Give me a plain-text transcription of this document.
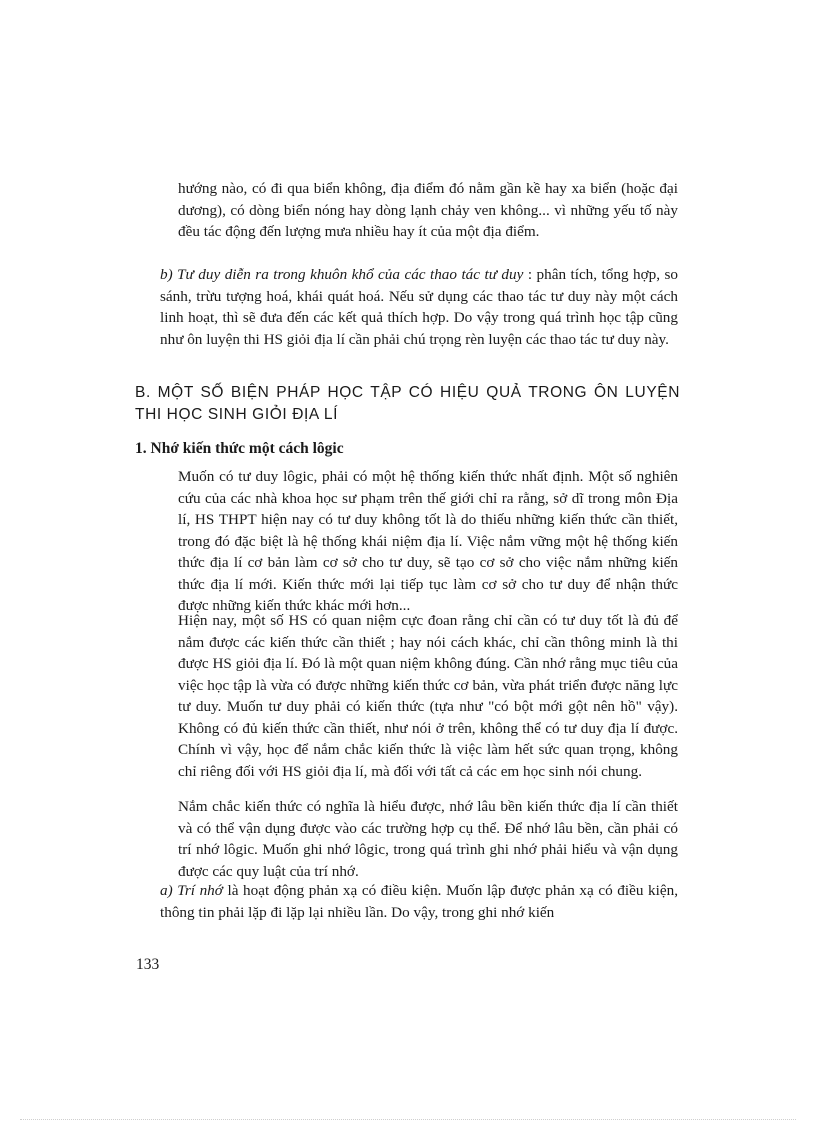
hướng nào, có đi qua biển không, địa điểm đó nằm gần kề hay xa biển (hoặc đại dương), có dòng biển nóng hay dòng lạnh chảy ven không... vì những yếu tố này đều tác động đến lượng mưa nhiều hay ít của một địa điểm.

b) Tư duy diễn ra trong khuôn khổ của các thao tác tư duy : phân tích, tổng hợp, so sánh, trừu tượng hoá, khái quát hoá. Nếu sử dụng các thao tác tư duy này một cách linh hoạt, thì sẽ đưa đến các kết quả thích hợp. Do vậy trong quá trình học tập cũng như ôn luyện thi HS giỏi địa lí cần phải chú trọng rèn luyện các thao tác tư duy này.

B. MỘT SỐ BIỆN PHÁP HỌC TẬP CÓ HIỆU QUẢ TRONG ÔN LUYỆN THI HỌC SINH GIỎI ĐỊA LÍ

1. Nhớ kiến thức một cách lôgic

Muốn có tư duy lôgic, phải có một hệ thống kiến thức nhất định. Một số nghiên cứu của các nhà khoa học sư phạm trên thế giới chỉ ra rằng, sở dĩ trong môn Địa lí, HS THPT hiện nay có tư duy không tốt là do thiếu những kiến thức cần thiết, trong đó đặc biệt là hệ thống khái niệm địa lí. Việc nắm vững một hệ thống kiến thức địa lí cơ bản làm cơ sở cho tư duy, sẽ tạo cơ sở cho việc nắm những kiến thức địa lí mới. Kiến thức mới lại tiếp tục làm cơ sở cho tư duy để nhận thức được những kiến thức khác mới hơn...

Hiện nay, một số HS có quan niệm cực đoan rằng chỉ cần có tư duy tốt là đủ để nắm được các kiến thức cần thiết ; hay nói cách khác, chỉ cần thông minh là thi được HS giỏi địa lí. Đó là một quan niệm không đúng. Cần nhớ rằng mục tiêu của việc học tập là vừa có được những kiến thức cơ bản, vừa phát triển được năng lực tư duy. Muốn tư duy phải có kiến thức (tựa như "có bột mới gột nên hồ" vậy). Không có đủ kiến thức cần thiết, như nói ở trên, không thể có tư duy địa lí được. Chính vì vậy, học để nắm chắc kiến thức là việc làm hết sức quan trọng, không chỉ riêng đối với HS giỏi địa lí, mà đối với tất cả các em học sinh nói chung.

Nắm chắc kiến thức có nghĩa là hiểu được, nhớ lâu bền kiến thức địa lí cần thiết và có thể vận dụng được vào các trường hợp cụ thể. Để nhớ lâu bền, cần phải có trí nhớ lôgic. Muốn ghi nhớ lôgic, trong quá trình ghi nhớ phải hiểu và vận dụng được các quy luật của trí nhớ.

a) Trí nhớ là hoạt động phản xạ có điều kiện. Muốn lập được phản xạ có điều kiện, thông tin phải lặp đi lặp lại nhiều lần. Do vậy, trong ghi nhớ kiến

133
